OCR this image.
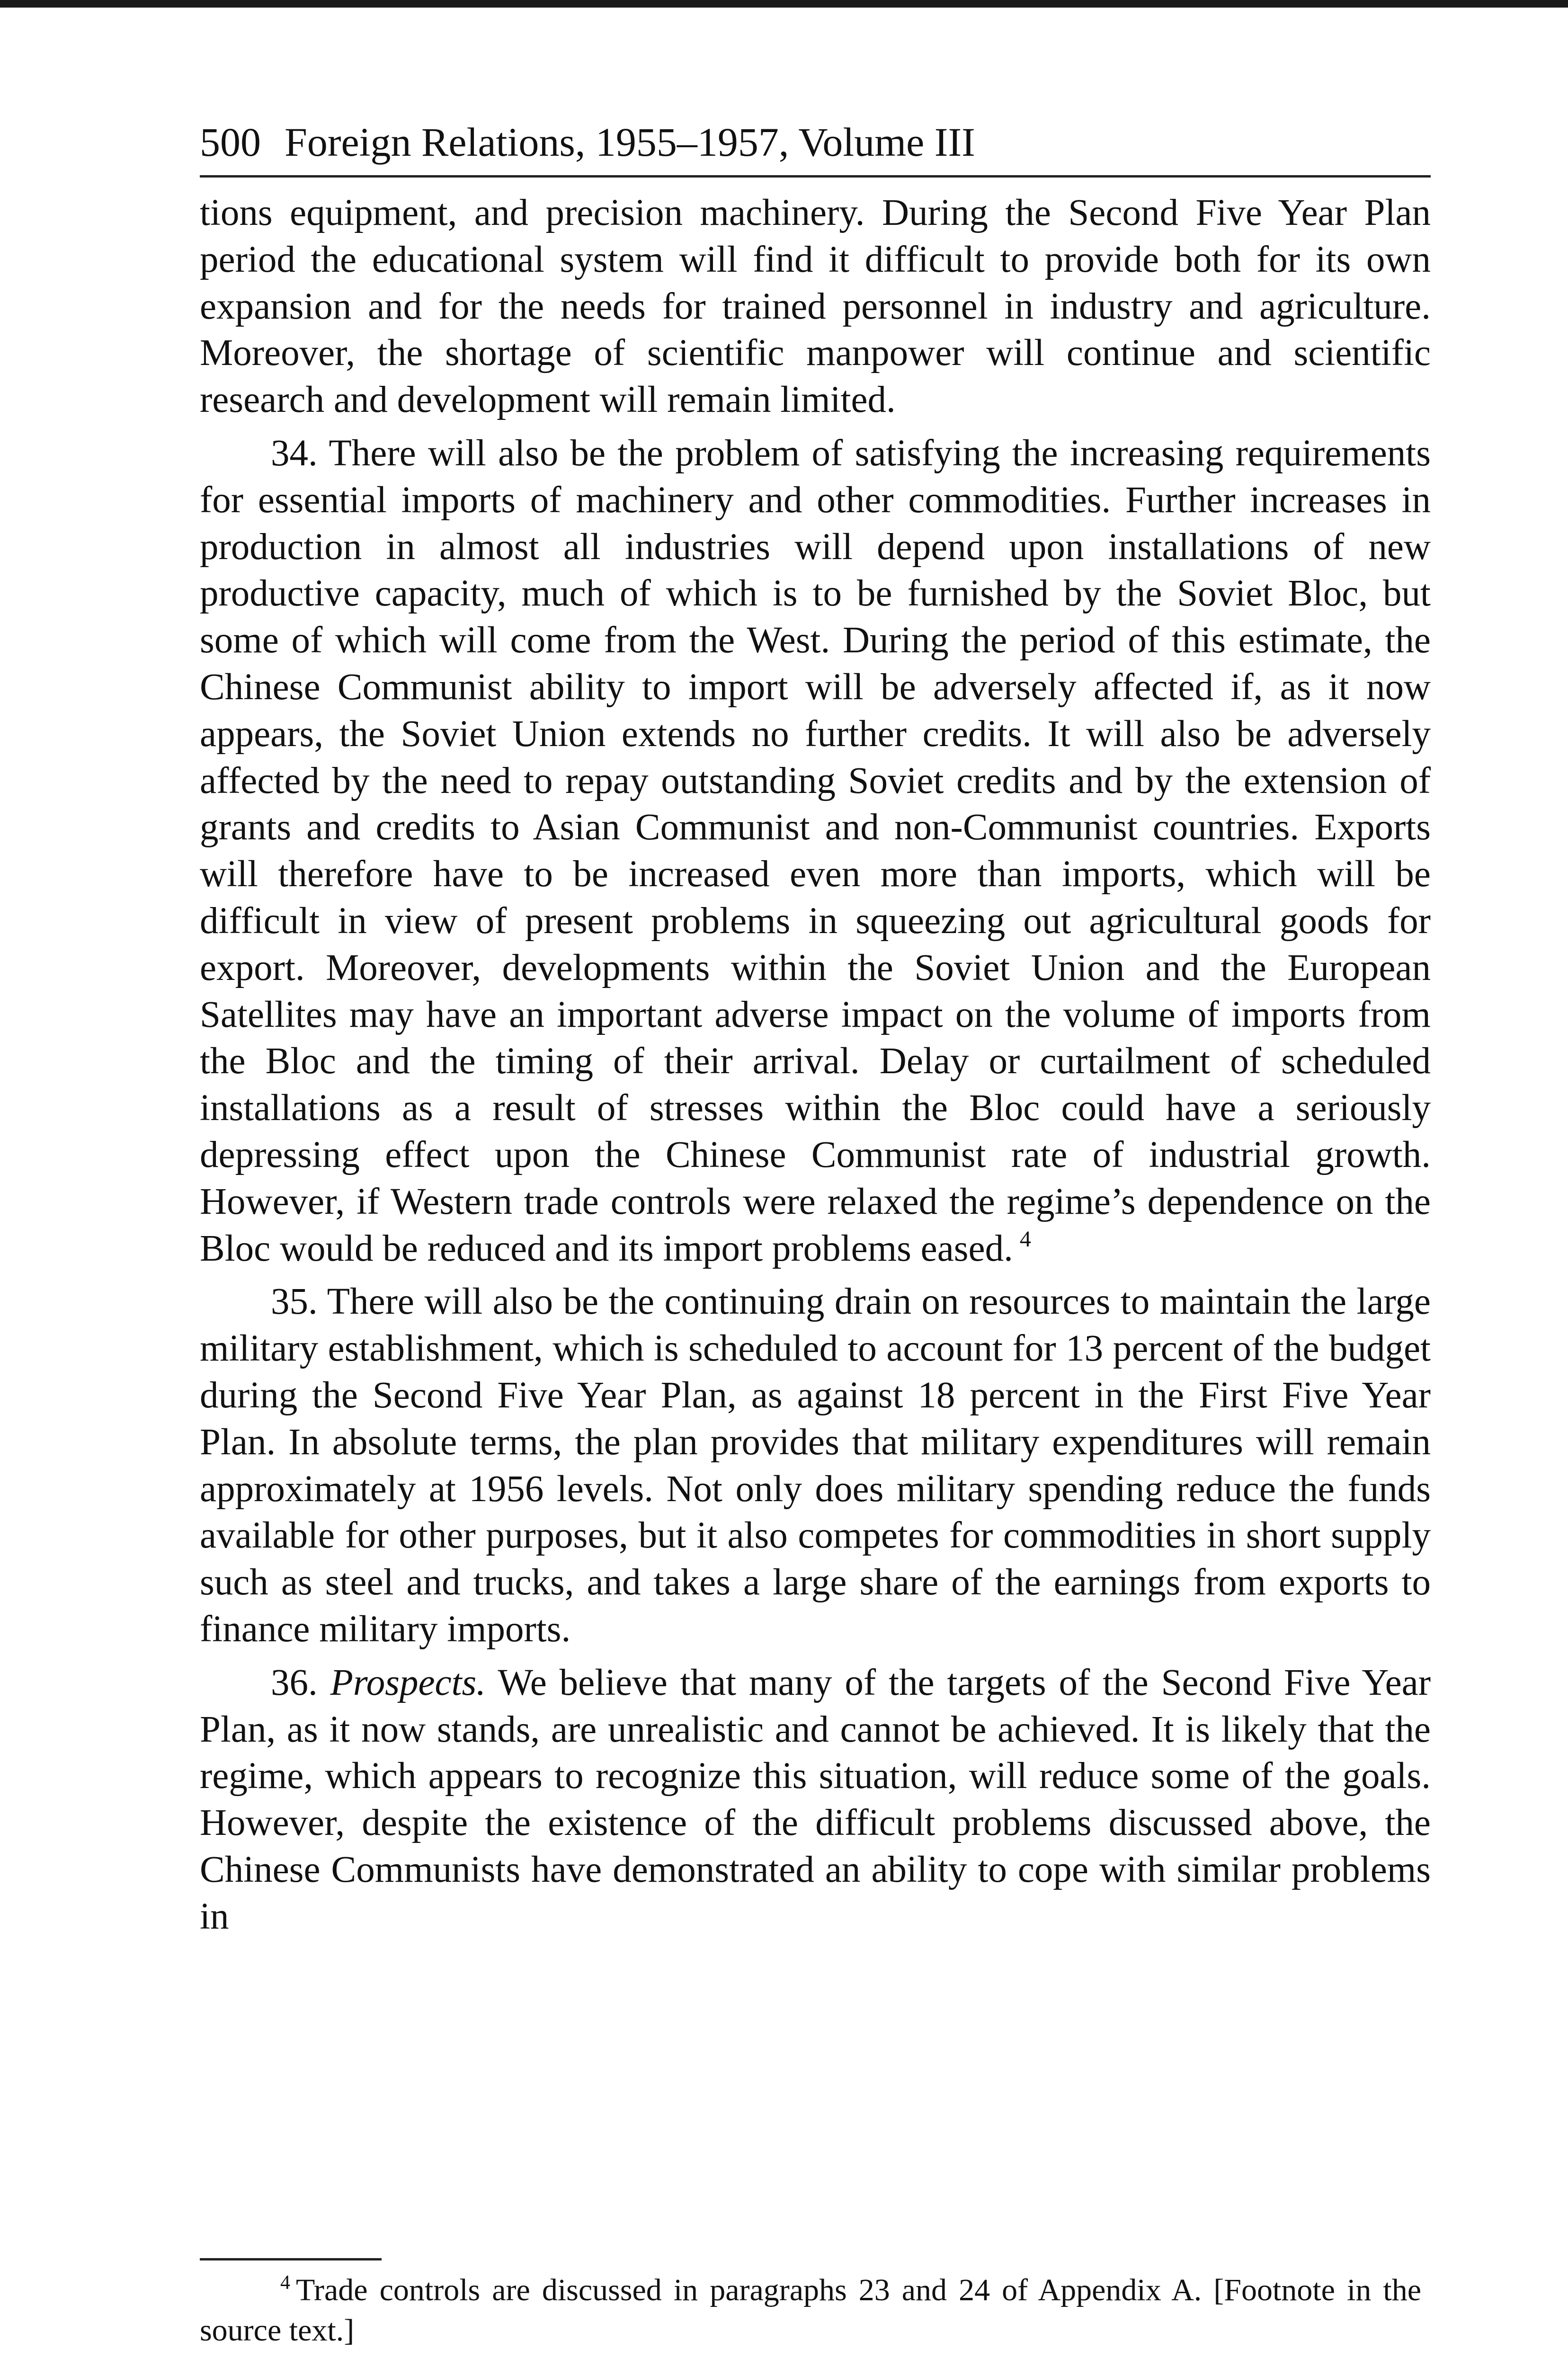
500 Foreign Relations, 1955–1957, Volume III

tions equipment, and precision machinery. During the Second Five Year Plan period the educational system will find it difficult to provide both for its own expansion and for the needs for trained personnel in industry and agriculture. Moreover, the shortage of scientific manpower will continue and scientific research and development will remain limited.

34. There will also be the problem of satisfying the increasing requirements for essential imports of machinery and other commodities. Further increases in production in almost all industries will depend upon installations of new productive capacity, much of which is to be furnished by the Soviet Bloc, but some of which will come from the West. During the period of this estimate, the Chinese Communist ability to import will be adversely affected if, as it now appears, the Soviet Union extends no further credits. It will also be adversely affected by the need to repay outstanding Soviet credits and by the extension of grants and credits to Asian Communist and non-Communist countries. Exports will therefore have to be increased even more than imports, which will be difficult in view of present problems in squeezing out agricultural goods for export. Moreover, developments within the Soviet Union and the European Satellites may have an important adverse impact on the volume of imports from the Bloc and the timing of their arrival. Delay or curtailment of scheduled installations as a result of stresses within the Bloc could have a seriously depressing effect upon the Chinese Communist rate of industrial growth. However, if Western trade controls were relaxed the regime’s dependence on the Bloc would be reduced and its import problems eased. $^4$

35. There will also be the continuing drain on resources to maintain the large military establishment, which is scheduled to account for 13 percent of the budget during the Second Five Year Plan, as against 18 percent in the First Five Year Plan. In absolute terms, the plan provides that military expenditures will remain approximately at 1956 levels. Not only does military spending reduce the funds available for other purposes, but it also competes for commodities in short supply such as steel and trucks, and takes a large share of the earnings from exports to finance military imports.

36. Prospects. We believe that many of the targets of the Second Five Year Plan, as it now stands, are unrealistic and cannot be achieved. It is likely that the regime, which appears to recognize this situation, will reduce some of the goals. However, despite the existence of the difficult problems discussed above, the Chinese Communists have demonstrated an ability to cope with similar problems in

$^4$ Trade controls are discussed in paragraphs 23 and 24 of Appendix A. [Footnote in the source text.]
